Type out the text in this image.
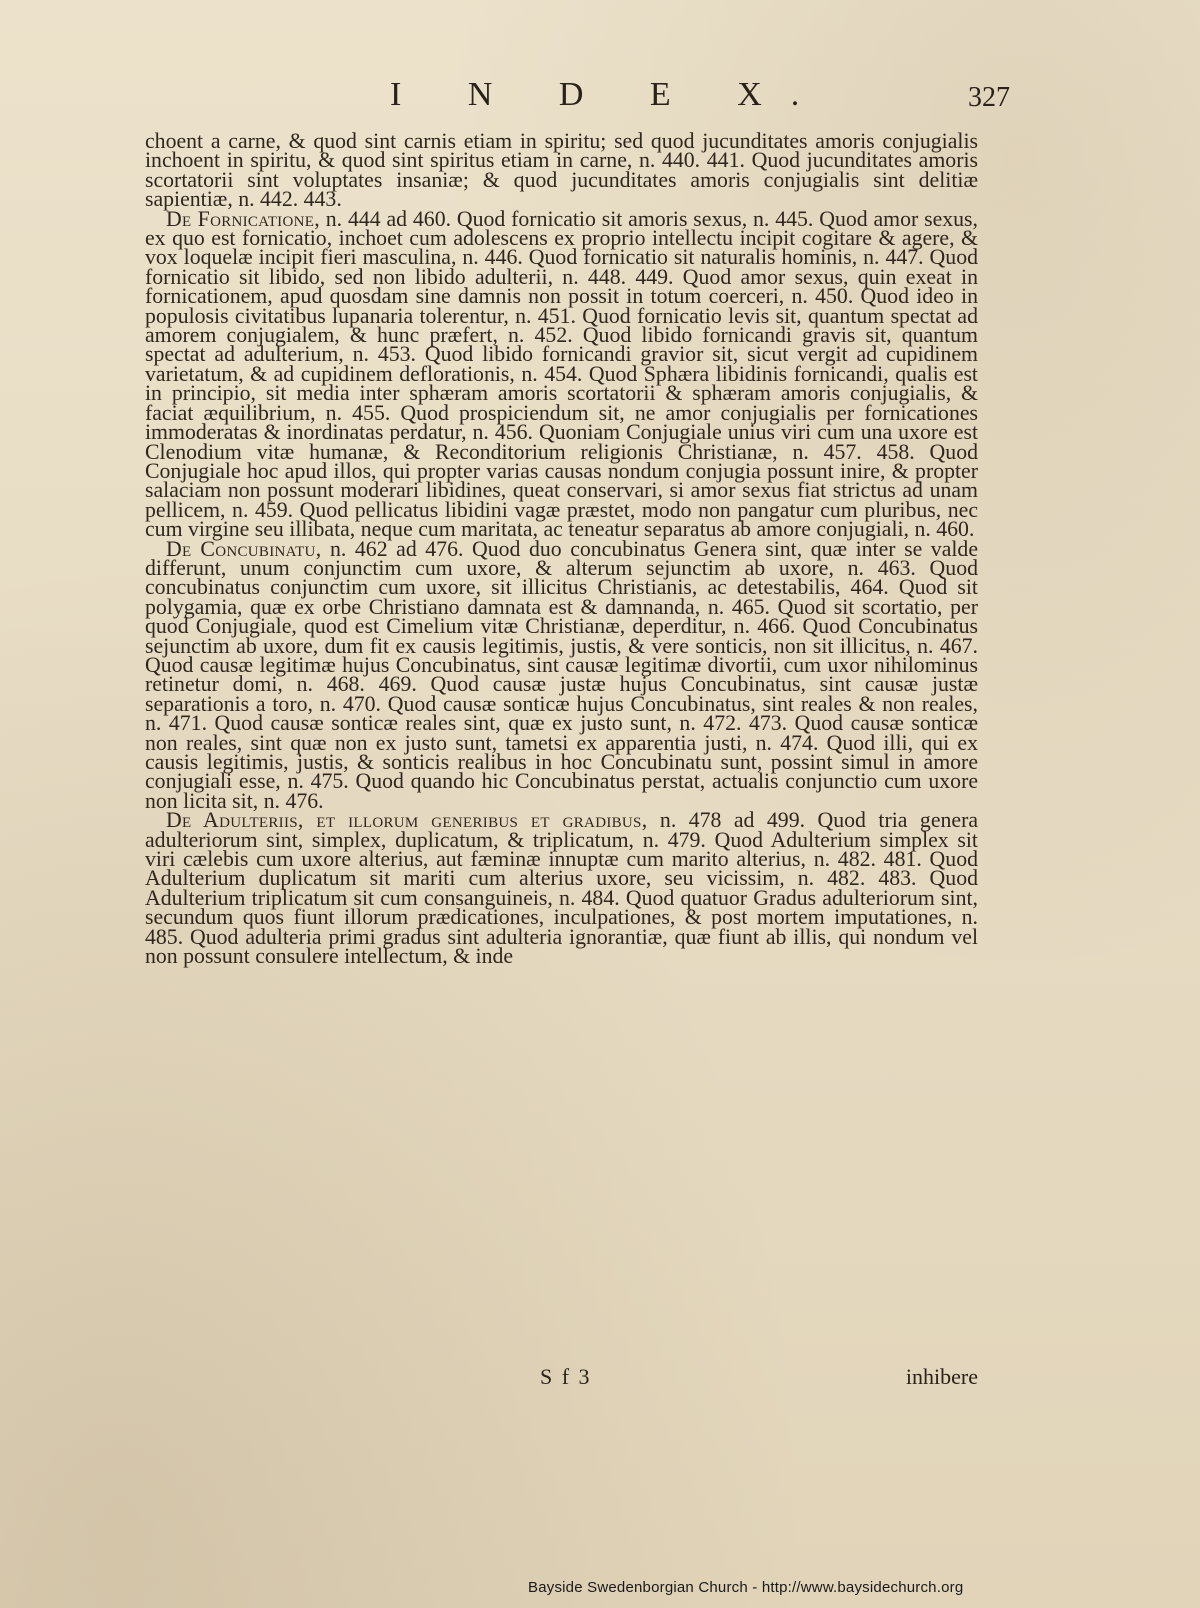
I N D E X.	327

choent a carne, & quod sint carnis etiam in spiritu; sed quod jucunditates amoris conjugialis inchoent in spiritu, & quod sint spiritus etiam in carne, n. 440. 441. Quod jucunditates amoris scortatorii sint voluptates insaniæ; & quod jucunditates amoris conjugialis sint delitiæ sapientiæ, n. 442. 443.

De Fornicatione, n. 444 ad 460. Quod fornicatio sit amoris sexus, n. 445. Quod amor sexus, ex quo est fornicatio, inchoet cum adolescens ex proprio intellectu incipit cogitare & agere, & vox loquelæ incipit fieri masculina, n. 446. Quod fornicatio sit naturalis hominis, n. 447. Quod fornicatio sit libido, sed non libido adulterii, n. 448. 449. Quod amor sexus, quin exeat in fornicationem, apud quosdam sine damnis non possit in totum coerceri, n. 450. Quod ideo in populosis civitatibus lupanaria tolerentur, n. 451. Quod fornicatio levis sit, quantum spectat ad amorem conjugialem, & hunc præfert, n. 452. Quod libido fornicandi gravis sit, quantum spectat ad adulterium, n. 453. Quod libido fornicandi gravior sit, sicut vergit ad cupidinem varietatum, & ad cupidinem deflorationis, n. 454. Quod Sphæra libidinis fornicandi, qualis est in principio, sit media inter sphæram amoris scortatorii & sphæram amoris conjugialis, & faciat æquilibrium, n. 455. Quod prospiciendum sit, ne amor conjugialis per fornicationes immoderatas & inordinatas perdatur, n. 456. Quoniam Conjugiale unius viri cum una uxore est Clenodium vitæ humanæ, & Reconditorium religionis Christianæ, n. 457. 458. Quod Conjugiale hoc apud illos, qui propter varias causas nondum conjugia possunt inire, & propter salaciam non possunt moderari libidines, queat conservari, si amor sexus fiat strictus ad unam pellicem, n. 459. Quod pellicatus libidini vagæ præstet, modo non pangatur cum pluribus, nec cum virgine seu illibata, neque cum maritata, ac teneatur separatus ab amore conjugiali, n. 460.

De Concubinatu, n. 462 ad 476. Quod duo concubinatus Genera sint, quæ inter se valde differunt, unum conjunctim cum uxore, & alterum sejunctim ab uxore, n. 463. Quod concubinatus conjunctim cum uxore, sit illicitus Christianis, ac detestabilis, 464. Quod sit polygamia, quæ ex orbe Christiano damnata est & damnanda, n. 465. Quod sit scortatio, per quod Conjugiale, quod est Cimelium vitæ Christianæ, deperditur, n. 466. Quod Concubinatus sejunctim ab uxore, dum fit ex causis legitimis, justis, & vere sonticis, non sit illicitus, n. 467. Quod causæ legitimæ hujus Concubinatus, sint causæ legitimæ divortii, cum uxor nihilominus retinetur domi, n. 468. 469. Quod causæ justæ hujus Concubinatus, sint causæ justæ separationis a toro, n. 470. Quod causæ sonticæ hujus Concubinatus, sint reales & non reales, n. 471. Quod causæ sonticæ reales sint, quæ ex justo sunt, n. 472. 473. Quod causæ sonticæ non reales, sint quæ non ex justo sunt, tametsi ex apparentia justi, n. 474. Quod illi, qui ex causis legitimis, justis, & sonticis realibus in hoc Concubinatu sunt, possint simul in amore conjugiali esse, n. 475. Quod quando hic Concubinatus perstat, actualis conjunctio cum uxore non licita sit, n. 476.

De Adulteriis, et illorum generibus et gradibus, n. 478 ad 499. Quod tria genera adulteriorum sint, simplex, duplicatum, & triplicatum, n. 479. Quod Adulterium simplex sit viri cælebis cum uxore alterius, aut fæminæ innuptæ cum marito alterius, n. 482. 481. Quod Adulterium duplicatum sit mariti cum alterius uxore, seu vicissim, n. 482. 483. Quod Adulterium triplicatum sit cum consanguineis, n. 484. Quod quatuor Gradus adulteriorum sint, secundum quos fiunt illorum prædicationes, inculpationes, & post mortem imputationes, n. 485. Quod adulteria primi gradus sint adulteria ignorantiæ, quæ fiunt ab illis, qui nondum vel non possunt consulere intellectum, & inde

S f 3	inhibere
Bayside Swedenborgian Church - http://www.baysidechurch.org
